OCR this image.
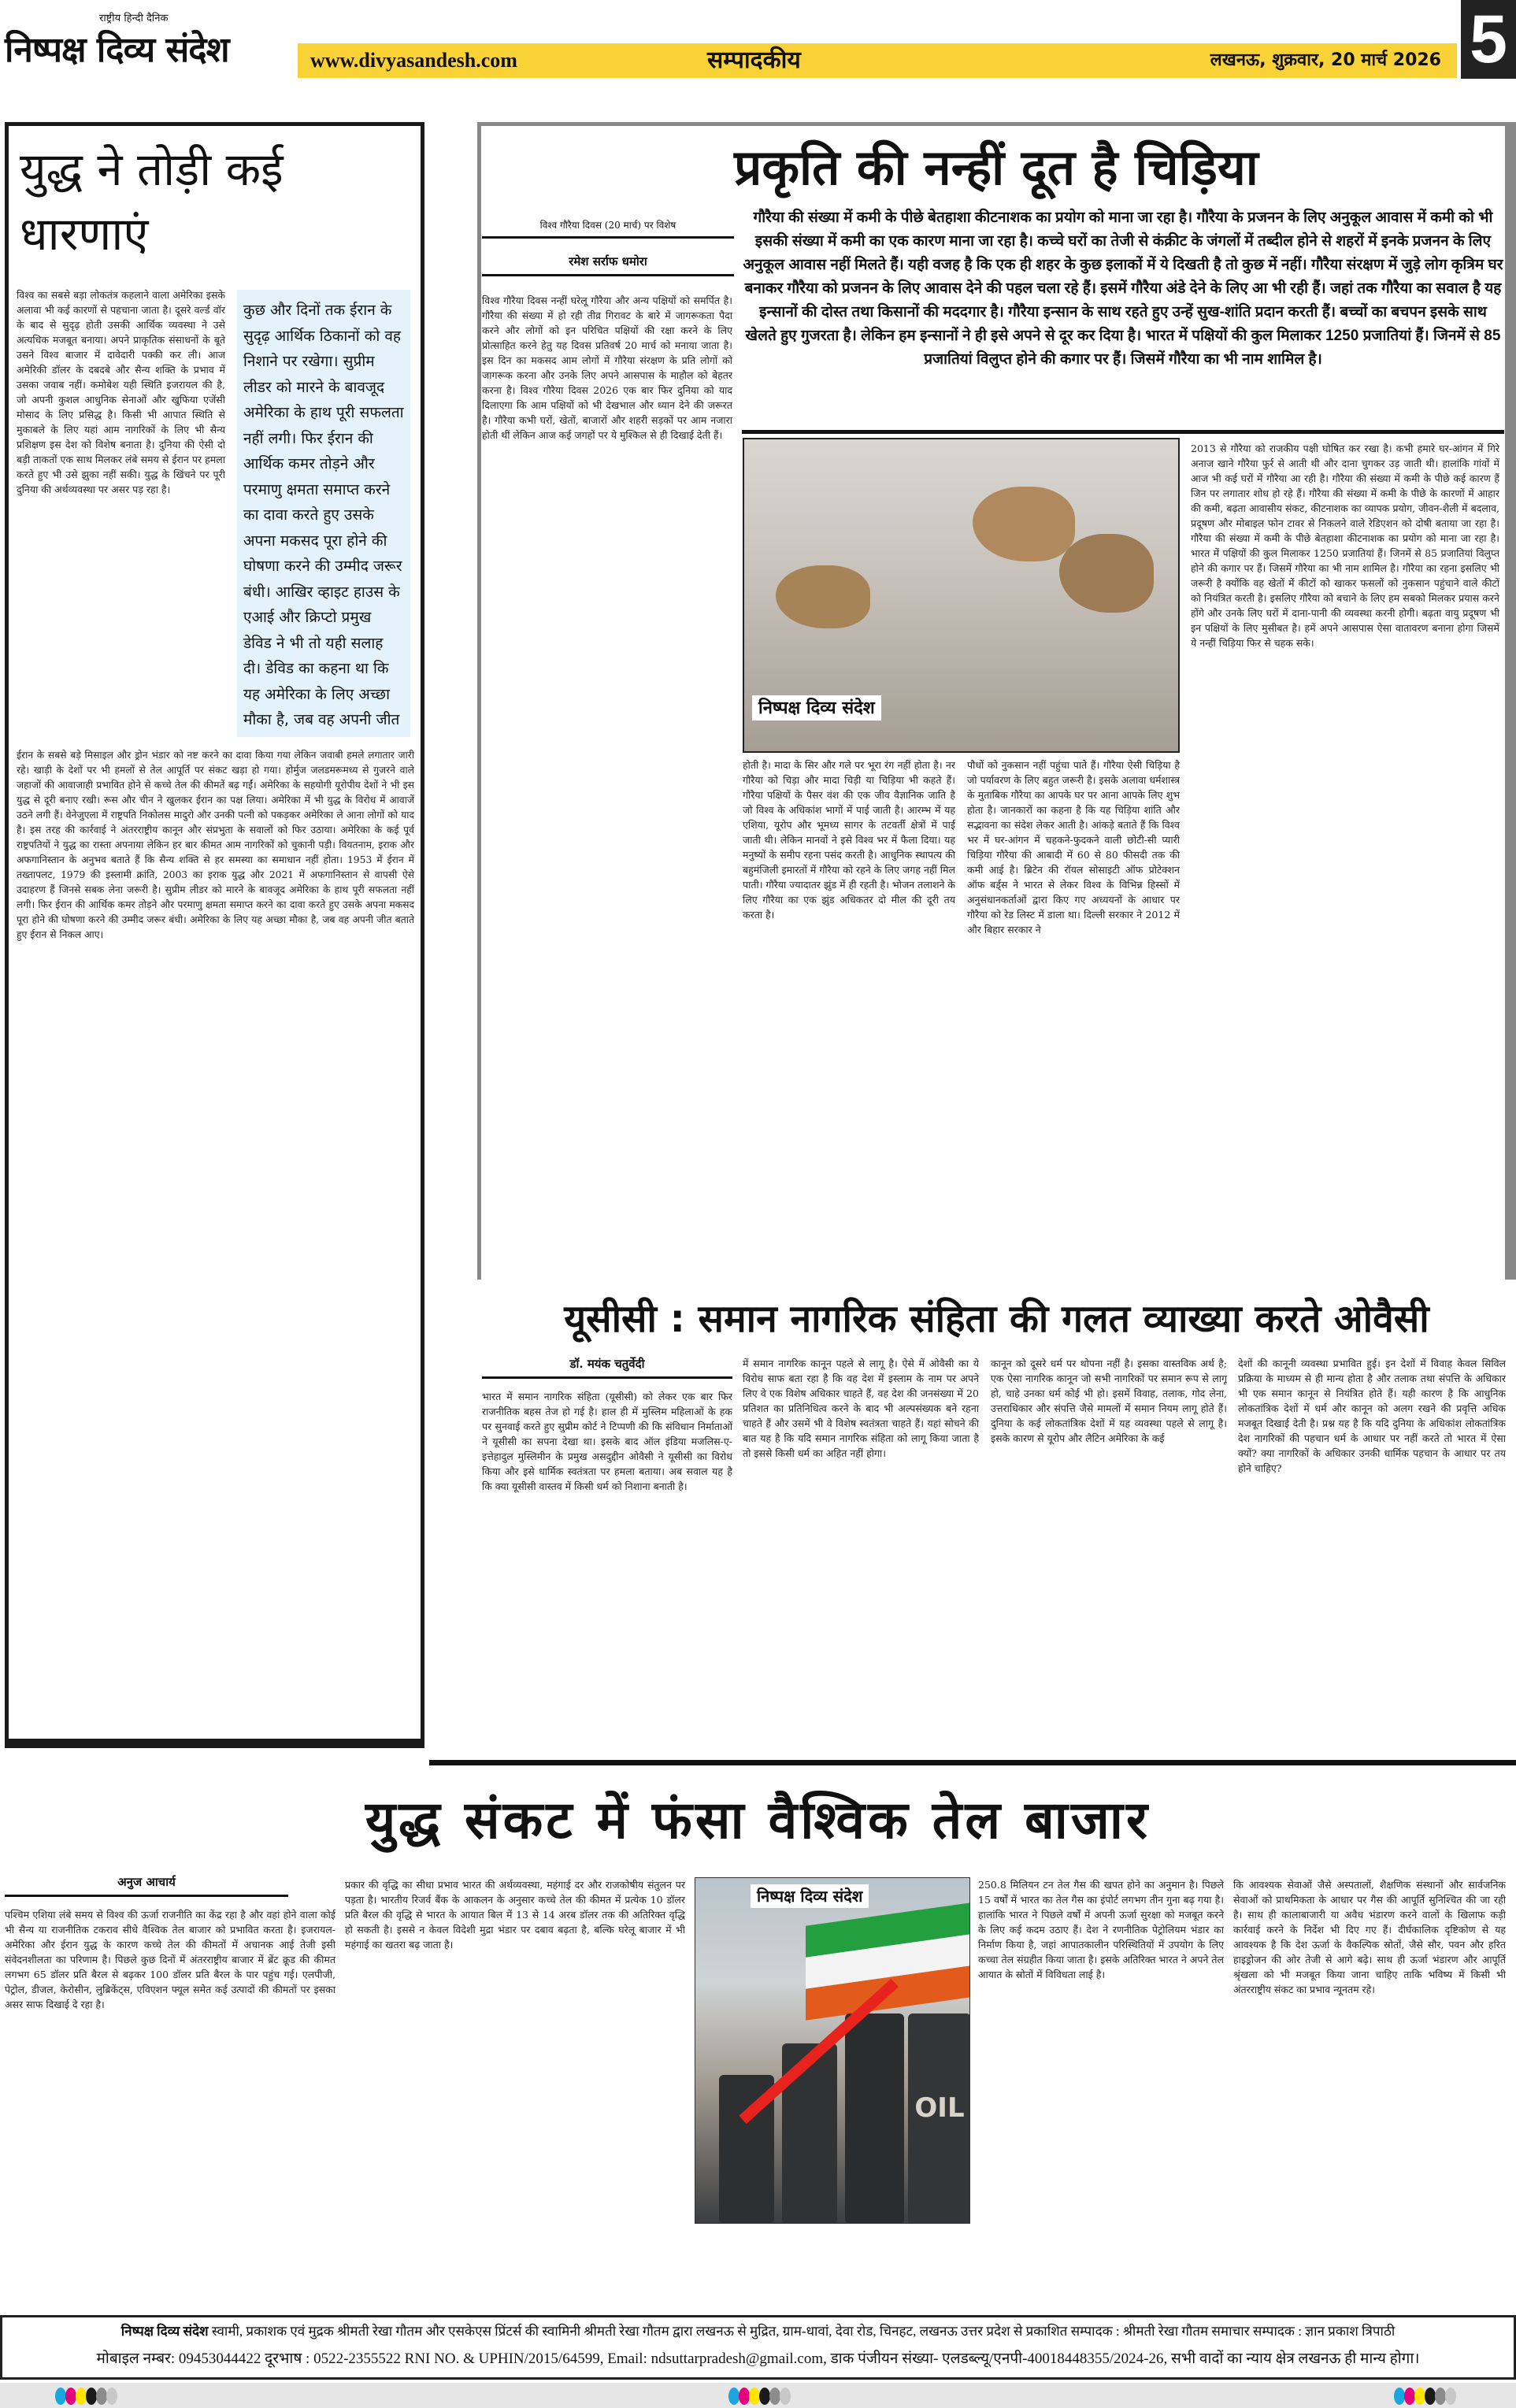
राष्ट्रीय हिन्दी दैनिक
निष्पक्ष दिव्य संदेश	www.divyasandesh.com	सम्पादकीय	लखनऊ, शुक्रवार, 20 मार्च 2026 5
युद्ध ने तोड़ी कई धारणाएं
विश्व का सबसे बड़ा लोकतंत्र कहलाने वाला अमेरिका इसके अलावा भी कई कारणों से पहचाना जाता है। दूसरे वर्ल्ड वॉर के बाद से सुदृढ़ होती उसकी आर्थिक व्यवस्था ने उसे अत्यधिक मजबूत बनाया। अपने प्राकृतिक संसाधनों के बूते उसने विश्व बाजार में दावेदारी पक्की कर ली। आज अमेरिकी डॉलर के दबदबे और सैन्य शक्ति के प्रभाव में उसका जवाब नहीं। कमोबेश यही स्थिति इजरायल की है, जो अपनी कुशल आधुनिक सेनाओं और खुफिया एजेंसी मोसाद के लिए प्रसिद्ध है। किसी भी आपात स्थिति से मुकाबले के लिए यहां आम नागरिकों के लिए भी सैन्य प्रशिक्षण इस देश को विशेष बनाता है। दुनिया की ऐसी दो बड़ी ताकतों एक साथ मिलकर लंबे समय से ईरान पर हमला करते हुए भी उसे झुका नहीं सकी। युद्ध के खिंचने पर पूरी दुनिया की अर्थव्यवस्था पर असर पड़ रहा है।
कुछ और दिनों तक ईरान के सुदृढ़ आर्थिक ठिकानों को वह निशाने पर रखेगा। सुप्रीम लीडर को मारने के बावजूद अमेरिका के हाथ पूरी सफलता नहीं लगी। फिर ईरान की आर्थिक कमर तोड़ने और परमाणु क्षमता समाप्त करने का दावा करते हुए उसके अपना मकसद पूरा होने की घोषणा करने की उम्मीद जरूर बंधी। आखिर व्हाइट हाउस के एआई और क्रिप्टो प्रमुख डेविड ने भी तो यही सलाह दी। डेविड का कहना था कि यह अमेरिका के लिए अच्छा मौका है, जब वह अपनी जीत
ईरान के सबसे बड़े मिसाइल और ड्रोन भंडार को नष्ट करने का दावा किया गया लेकिन जवाबी हमले लगातार जारी रहे। खाड़ी के देशों पर भी हमलों से तेल आपूर्ति पर संकट खड़ा हो गया। होर्मुज जलडमरूमध्य से गुजरने वाले जहाजों की आवाजाही प्रभावित होने से कच्चे तेल की कीमतें बढ़ गईं। अमेरिका के सहयोगी यूरोपीय देशों ने भी इस युद्ध से दूरी बनाए रखी। रूस और चीन ने खुलकर ईरान का पक्ष लिया। अमेरिका में भी युद्ध के विरोध में आवाजें उठने लगी हैं। वेनेजुएला में राष्ट्रपति निकोलस मादुरो और उनकी पत्नी को पकड़कर अमेरिका ले आना लोगों को याद है। इस तरह की कार्रवाई ने अंतरराष्ट्रीय कानून और संप्रभुता के सवालों को फिर उठाया। अमेरिका के कई पूर्व राष्ट्रपतियों ने युद्ध का रास्ता अपनाया लेकिन हर बार कीमत आम नागरिकों को चुकानी पड़ी। वियतनाम, इराक और अफगानिस्तान के अनुभव बताते हैं कि सैन्य शक्ति से हर समस्या का समाधान नहीं होता। 1953 में ईरान में तख्तापलट, 1979 की इस्लामी क्रांति, 2003 का इराक युद्ध और 2021 में अफगानिस्तान से वापसी ऐसे उदाहरण हैं जिनसे सबक लेना जरूरी है। सुप्रीम लीडर को मारने के बावजूद अमेरिका के हाथ पूरी सफलता नहीं लगी। फिर ईरान की आर्थिक कमर तोड़ने और परमाणु क्षमता समाप्त करने का दावा करते हुए उसके अपना मकसद पूरा होने की घोषणा करने की उम्मीद जरूर बंधी। अमेरिका के लिए यह अच्छा मौका है, जब वह अपनी जीत बताते हुए ईरान से निकल आए।
प्रकृति की नन्हीं दूत है चिड़िया
विश्व गौरैया दिवस (20 मार्च) पर विशेष
रमेश सर्राफ धमोरा
गौरैया की संख्या में कमी के पीछे बेतहाशा कीटनाशक का प्रयोग को माना जा रहा है। गौरैया के प्रजनन के लिए अनुकूल आवास में कमी को भी इसकी संख्या में कमी का एक कारण माना जा रहा है। कच्चे घरों का तेजी से कंक्रीट के जंगलों में तब्दील होने से शहरों में इनके प्रजनन के लिए अनुकूल आवास नहीं मिलते हैं। यही वजह है कि एक ही शहर के कुछ इलाकों में ये दिखती है तो कुछ में नहीं। गौरैया संरक्षण में जुड़े लोग कृत्रिम घर बनाकर गौरैया को प्रजनन के लिए आवास देने की पहल चला रहे हैं। इसमें गौरैया अंडे देने के लिए आ भी रही हैं। जहां तक गौरैया का सवाल है यह इन्सानों की दोस्त तथा किसानों की मददगार है। गौरैया इन्सान के साथ रहते हुए उन्हें सुख-शांति प्रदान करती हैं। बच्चों का बचपन इसके साथ खेलते हुए गुजरता है। लेकिन हम इन्सानों ने ही इसे अपने से दूर कर दिया है। भारत में पक्षियों की कुल मिलाकर 1250 प्रजातियां हैं। जिनमें से 85 प्रजातियां विलुप्त होने की कगार पर हैं। जिसमें गौरैया का भी नाम शामिल है।
विश्व गौरैया दिवस नन्हीं घरेलू गौरैया और अन्य पक्षियों को समर्पित है। गौरैया की संख्या में हो रही तीव्र गिरावट के बारे में जागरूकता पैदा करने और लोगों को इन परिचित पक्षियों की रक्षा करने के लिए प्रोत्साहित करने हेतु यह दिवस प्रतिवर्ष 20 मार्च को मनाया जाता है। इस दिन का मकसद आम लोगों में गौरैया संरक्षण के प्रति लोगों को जागरूक करना और उनके लिए अपने आसपास के माहौल को बेहतर करना है। विश्व गौरैया दिवस 2026 एक बार फिर दुनिया को याद दिलाएगा कि आम पक्षियों को भी देखभाल और ध्यान देने की जरूरत है। गौरैया कभी घरों, खेतों, बाजारों और शहरी सड़कों पर आम नजारा होती थीं लेकिन आज कई जगहों पर ये मुश्किल से ही दिखाई देती हैं।
निष्पक्ष दिव्य संदेश
होती है। मादा के सिर और गले पर भूरा रंग नहीं होता है। नर गौरैया को चिड़ा और मादा चिड़ी या चिड़िया भी कहते हैं। गौरैया पक्षियों के पैसर वंश की एक जीव वैज्ञानिक जाति है जो विश्व के अधिकांश भागों में पाई जाती है। आरम्भ में यह एशिया, यूरोप और भूमध्य सागर के तटवर्ती क्षेत्रों में पाई जाती थी। लेकिन मानवों ने इसे विश्व भर में फैला दिया। यह मनुष्यों के समीप रहना पसंद करती है। आधुनिक स्थापत्य की बहुमंजिली इमारतों में गौरैया को रहने के लिए जगह नहीं मिल पाती। गौरैया ज्यादातर झुंड में ही रहती है। भोजन तलाशने के लिए गौरैया का एक झुंड अधिकतर दो मील की दूरी तय करता है।
पौधों को नुकसान नहीं पहुंचा पाते हैं। गौरैया ऐसी चिड़िया है जो पर्यावरण के लिए बहुत जरूरी है। इसके अलावा धर्मशास्त्र के मुताबिक गौरैया का आपके घर पर आना आपके लिए शुभ होता है। जानकारों का कहना है कि यह चिड़िया शांति और सद्भावना का संदेश लेकर आती है। आंकड़े बताते हैं कि विश्व भर में घर-आंगन में चहकने-फुदकने वाली छोटी-सी प्यारी चिड़िया गौरैया की आबादी में 60 से 80 फीसदी तक की कमी आई है। ब्रिटेन की रॉयल सोसाइटी ऑफ प्रोटेक्शन ऑफ बर्ड्स ने भारत से लेकर विश्व के विभिन्न हिस्सों में अनुसंधानकर्ताओं द्वारा किए गए अध्ययनों के आधार पर गौरैया को रेड लिस्ट में डाला था। दिल्ली सरकार ने 2012 में और बिहार सरकार ने
2013 से गौरैया को राजकीय पक्षी घोषित कर रखा है। कभी हमारे घर-आंगन में गिरे अनाज खाने गौरैया फुर्र से आती थी और दाना चुगकर उड़ जाती थी। हालांकि गांवों में आज भी कई घरों में गौरैया आ रही है। गौरैया की संख्या में कमी के पीछे कई कारण हैं जिन पर लगातार शोध हो रहे हैं। गौरैया की संख्या में कमी के पीछे के कारणों में आहार की कमी, बढ़ता आवासीय संकट, कीटनाशक का व्यापक प्रयोग, जीवन-शैली में बदलाव, प्रदूषण और मोबाइल फोन टावर से निकलने वाले रेडिएशन को दोषी बताया जा रहा है। गौरैया की संख्या में कमी के पीछे बेतहाशा कीटनाशक का प्रयोग को माना जा रहा है। भारत में पक्षियों की कुल मिलाकर 1250 प्रजातियां हैं। जिनमें से 85 प्रजातियां विलुप्त होने की कगार पर हैं। जिसमें गौरैया का भी नाम शामिल है। गौरैया का रहना इसलिए भी जरूरी है क्योंकि वह खेतों में कीटों को खाकर फसलों को नुकसान पहुंचाने वाले कीटों को नियंत्रित करती है। इसलिए गौरैया को बचाने के लिए हम सबको मिलकर प्रयास करने होंगे और उनके लिए घरों में दाना-पानी की व्यवस्था करनी होगी। बढ़ता वायु प्रदूषण भी इन पक्षियों के लिए मुसीबत है। हमें अपने आसपास ऐसा वातावरण बनाना होगा जिसमें ये नन्हीं चिड़िया फिर से चहक सके।
यूसीसी : समान नागरिक संहिता की गलत व्याख्या करते ओवैसी
डॉ. मयंक चतुर्वेदी
भारत में समान नागरिक संहिता (यूसीसी) को लेकर एक बार फिर राजनीतिक बहस तेज हो गई है। हाल ही में मुस्लिम महिलाओं के हक पर सुनवाई करते हुए सुप्रीम कोर्ट ने टिप्पणी की कि संविधान निर्माताओं ने यूसीसी का सपना देखा था। इसके बाद ऑल इंडिया मजलिस-ए-इत्तेहादुल मुस्लिमीन के प्रमुख असदुद्दीन ओवैसी ने यूसीसी का विरोध किया और इसे धार्मिक स्वतंत्रता पर हमला बताया। अब सवाल यह है कि क्या यूसीसी वास्तव में किसी धर्म को निशाना बनाती है।
में समान नागरिक कानून पहले से लागू है। ऐसे में ओवैसी का ये विरोध साफ बता रहा है कि वह देश में इस्लाम के नाम पर अपने लिए वे एक विशेष अधिकार चाहते हैं, वह देश की जनसंख्या में 20 प्रतिशत का प्रतिनिधित्व करने के बाद भी अल्पसंख्यक बने रहना चाहते हैं और उसमें भी वे विशेष स्वतंत्रता चाहते हैं। यहां सोचने की बात यह है कि यदि समान नागरिक संहिता को लागू किया जाता है तो इससे किसी धर्म का अहित नहीं होगा।
कानून को दूसरे धर्म पर थोपना नहीं है। इसका वास्तविक अर्थ है; एक ऐसा नागरिक कानून जो सभी नागरिकों पर समान रूप से लागू हो, चाहे उनका धर्म कोई भी हो। इसमें विवाह, तलाक, गोद लेना, उत्तराधिकार और संपत्ति जैसे मामलों में समान नियम लागू होते हैं। दुनिया के कई लोकतांत्रिक देशों में यह व्यवस्था पहले से लागू है। इसके कारण से यूरोप और लैटिन अमेरिका के कई
देशों की कानूनी व्यवस्था प्रभावित हुई। इन देशों में विवाह केवल सिविल प्रक्रिया के माध्यम से ही मान्य होता है और तलाक तथा संपत्ति के अधिकार भी एक समान कानून से नियंत्रित होते हैं। यही कारण है कि आधुनिक लोकतांत्रिक देशों में धर्म और कानून को अलग रखने की प्रवृत्ति अधिक मजबूत दिखाई देती है। प्रश्न यह है कि यदि दुनिया के अधिकांश लोकतांत्रिक देश नागरिकों की पहचान धर्म के आधार पर नहीं करते तो भारत में ऐसा क्यों? क्या नागरिकों के अधिकार उनकी धार्मिक पहचान के आधार पर तय होने चाहिए?
युद्ध संकट में फंसा वैश्विक तेल बाजार
अनुज आचार्य
पश्चिम एशिया लंबे समय से विश्व की ऊर्जा राजनीति का केंद्र रहा है और वहां होने वाला कोई भी सैन्य या राजनीतिक टकराव सीधे वैश्विक तेल बाजार को प्रभावित करता है। इजरायल-अमेरिका और ईरान युद्ध के कारण कच्चे तेल की कीमतों में अचानक आई तेजी इसी संवेदनशीलता का परिणाम है। पिछले कुछ दिनों में अंतरराष्ट्रीय बाजार में ब्रेंट क्रूड की कीमत लगभग 65 डॉलर प्रति बैरल से बढ़कर 100 डॉलर प्रति बैरल के पार पहुंच गई। एलपीजी, पेट्रोल, डीजल, केरोसीन, लुब्रिकेंट्स, एविएशन फ्यूल समेत कई उत्पादों की कीमतों पर इसका असर साफ दिखाई दे रहा है।
प्रकार की वृद्धि का सीधा प्रभाव भारत की अर्थव्यवस्था, महंगाई दर और राजकोषीय संतुलन पर पड़ता है। भारतीय रिजर्व बैंक के आकलन के अनुसार कच्चे तेल की कीमत में प्रत्येक 10 डॉलर प्रति बैरल की वृद्धि से भारत के आयात बिल में 13 से 14 अरब डॉलर तक की अतिरिक्त वृद्धि हो सकती है। इससे न केवल विदेशी मुद्रा भंडार पर दबाव बढ़ता है, बल्कि घरेलू बाजार में भी महंगाई का खतरा बढ़ जाता है।
निष्पक्ष दिव्य संदेश
OIL
250.8 मिलियन टन तेल गैस की खपत होने का अनुमान है। पिछले 15 वर्षों में भारत का तेल गैस का इंपोर्ट लगभग तीन गुना बढ़ गया है। हालांकि भारत ने पिछले वर्षों में अपनी ऊर्जा सुरक्षा को मजबूत करने के लिए कई कदम उठाए हैं। देश ने रणनीतिक पेट्रोलियम भंडार का निर्माण किया है, जहां आपातकालीन परिस्थितियों में उपयोग के लिए कच्चा तेल संग्रहीत किया जाता है। इसके अतिरिक्त भारत ने अपने तेल आयात के स्रोतों में विविधता लाई है।
कि आवश्यक सेवाओं जैसे अस्पतालों, शैक्षणिक संस्थानों और सार्वजनिक सेवाओं को प्राथमिकता के आधार पर गैस की आपूर्ति सुनिश्चित की जा रही है। साथ ही कालाबाजारी या अवैध भंडारण करने वालों के खिलाफ कड़ी कार्रवाई करने के निर्देश भी दिए गए हैं। दीर्घकालिक दृष्टिकोण से यह आवश्यक है कि देश ऊर्जा के वैकल्पिक स्रोतों, जैसे सौर, पवन और हरित हाइड्रोजन की ओर तेजी से आगे बढ़े। साथ ही ऊर्जा भंडारण और आपूर्ति श्रृंखला को भी मजबूत किया जाना चाहिए ताकि भविष्य में किसी भी अंतरराष्ट्रीय संकट का प्रभाव न्यूनतम रहे।
निष्पक्ष दिव्य संदेश स्वामी, प्रकाशक एवं मुद्रक श्रीमती रेखा गौतम और एसकेएस प्रिंटर्स की स्वामिनी श्रीमती रेखा गौतम द्वारा लखनऊ से मुद्रित, ग्राम-धावां, देवा रोड, चिनहट, लखनऊ उत्तर प्रदेश से प्रकाशित सम्पादक : श्रीमती रेखा गौतम समाचार सम्पादक : ज्ञान प्रकाश त्रिपाठी
मोबाइल नम्बर: 09453044422 दूरभाष : 0522-2355522 RNI NO. & UPHIN/2015/64599, Email: ndsuttarpradesh@gmail.com, डाक पंजीयन संख्या- एलडब्ल्यू/एनपी-40018448355/2024-26, सभी वादों का न्याय क्षेत्र लखनऊ ही मान्य होगा।
